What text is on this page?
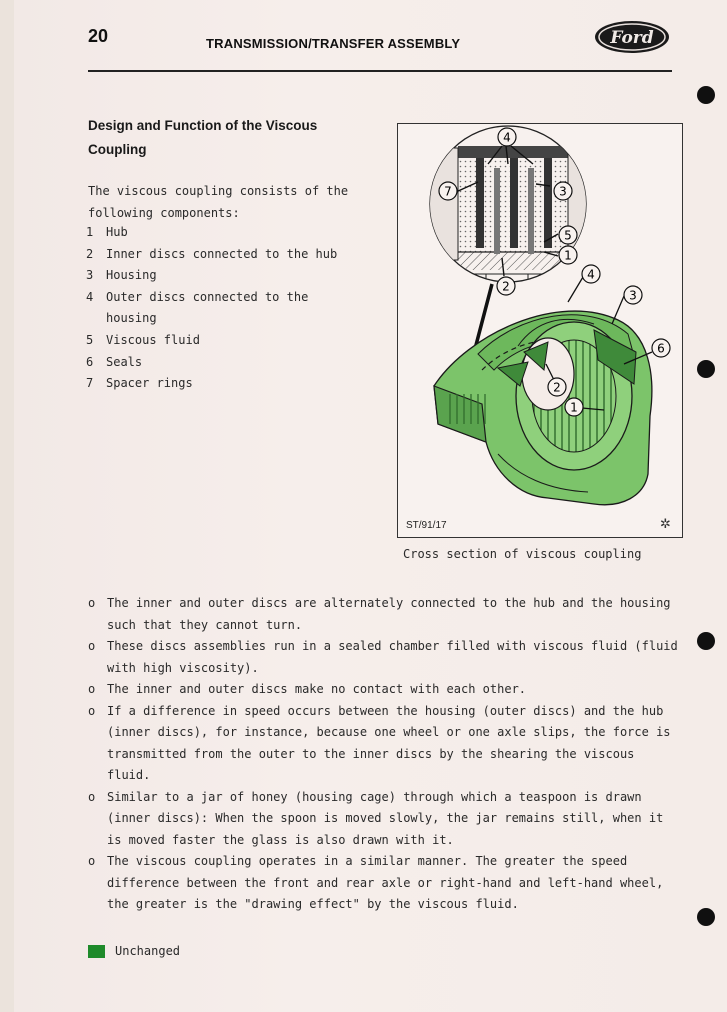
20	TRANSMISSION/TRANSFER ASSEMBLY	Ford
Design and Function of the Viscous Coupling
The viscous coupling consists of the following components:
1	Hub
2	Inner discs connected to the hub
3	Housing
4	Outer discs connected to the housing
5	Viscous fluid
6	Seals
7	Spacer rings
4
7	3
5
1
2
4
3
6
2
1
ST/91/17	✲
Cross section of viscous coupling
o The inner and outer discs are alternately connected to the hub and the housing such that they cannot turn.
o These discs assemblies run in a sealed chamber filled with viscous fluid (fluid with high viscosity).
o The inner and outer discs make no contact with each other.
o If a difference in speed occurs between the housing (outer discs) and the hub (inner discs), for instance, because one wheel or one axle slips, the force is transmitted from the outer to the inner discs by the shearing the viscous fluid.
o Similar to a jar of honey (housing cage) through which a teaspoon is drawn (inner discs): When the spoon is moved slowly, the jar remains still, when it is moved faster the glass is also drawn with it.
o The viscous coupling operates in a similar manner. The greater the speed difference between the front and rear axle or right-hand and left-hand wheel, the greater is the "drawing effect" by the viscous fluid.
Unchanged
